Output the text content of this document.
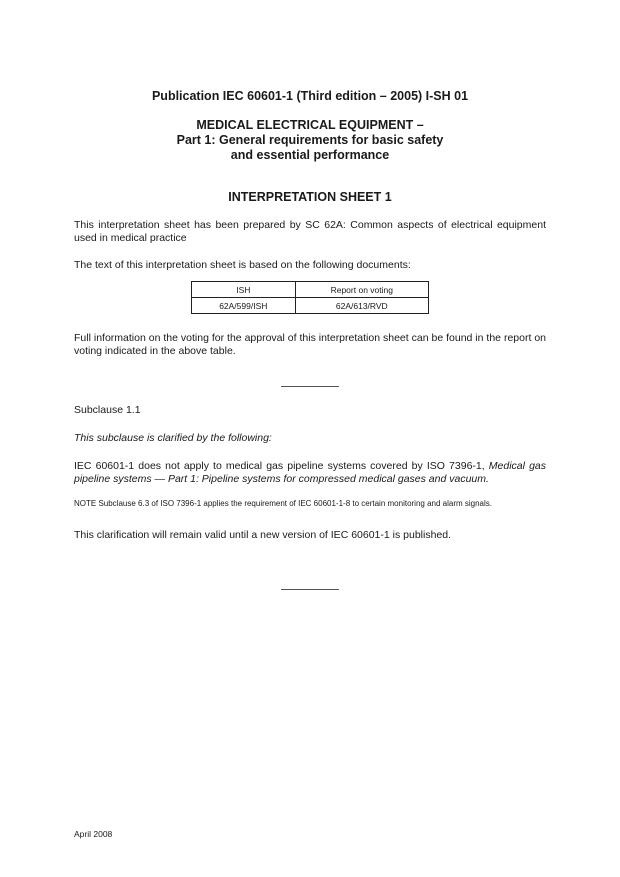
Publication IEC 60601-1 (Third edition – 2005) I-SH 01
MEDICAL ELECTRICAL EQUIPMENT –
Part 1: General requirements for basic safety
and essential performance
INTERPRETATION SHEET 1
This interpretation sheet has been prepared by SC 62A: Common aspects of electrical equipment used in medical practice
The text of this interpretation sheet is based on the following documents:
ISH	Report on voting
62A/599/ISH	62A/613/RVD
Full information on the voting for the approval of this interpretation sheet can be found in the report on voting indicated in the above table.
Subclause 1.1
This subclause is clarified by the following:
IEC 60601-1 does not apply to medical gas pipeline systems covered by ISO 7396-1, Medical gas pipeline systems — Part 1: Pipeline systems for compressed medical gases and vacuum.
NOTE Subclause 6.3 of ISO 7396-1 applies the requirement of IEC 60601-1-8 to certain monitoring and alarm signals.
This clarification will remain valid until a new version of IEC 60601-1 is published.
April 2008
